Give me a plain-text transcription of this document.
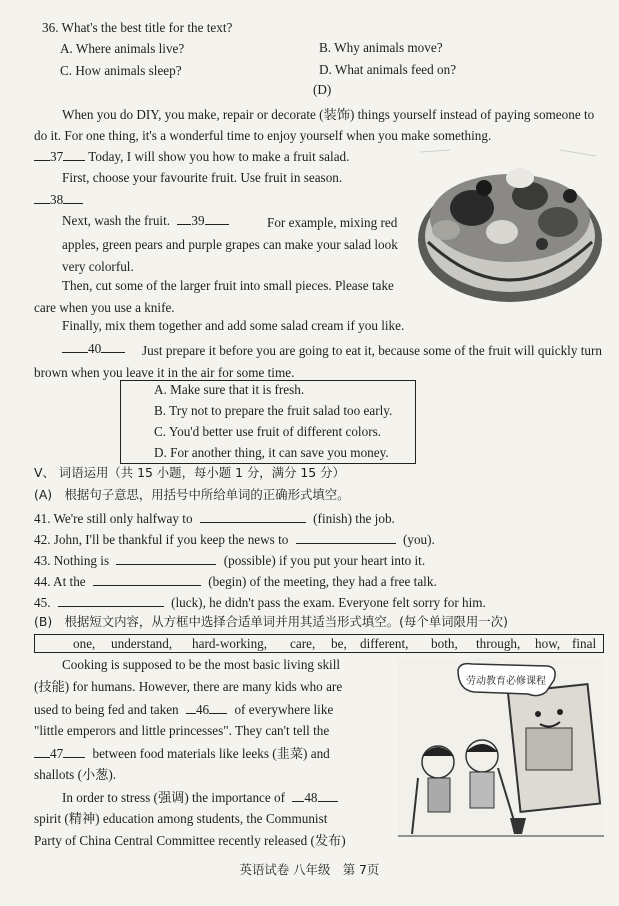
36. What's the best title for the text?
A. Where animals live?	B. Why animals move?
C. How animals sleep?	D. What animals feed on?
(D)
When you do DIY, you make, repair or decorate (装饰) things yourself instead of paying someone to do it. For one thing, it's a wonderful time to enjoy yourself when you make something.
37 Today, I will show you how to make a fruit salad.
First, choose your favourite fruit. Use fruit in season.
38
Next, wash the fruit. 39	For example, mixing red apples, green pears and purple grapes can make your salad look very colorful.
Then, cut some of the larger fruit into small pieces. Please take care when you use a knife.
Finally, mix them together and add some salad cream if you like.
40	Just prepare it before you are going to eat it, because some of the fruit will quickly turn brown when you leave it in the air for some time.
A. Make sure that it is fresh.
B. Try not to prepare the fruit salad too early.
C. You'd better use fruit of different colors.
D. For another thing, it can save you money.
V、 词语运用（共 15 小题，每小题 1 分，满分 15 分）
(A)　根据句子意思，用括号中所给单词的正确形式填空。
41. We're still only halfway to	(finish) the job.
42. John, I'll be thankful if you keep the news to	(you).
43. Nothing is	(possible) if you put your heart into it.
44. At the	(begin) of the meeting, they had a free talk.
45.	(luck), he didn't pass the exam. Everyone felt sorry for him.
(B)　根据短文内容，从方框中选择合适单词并用其适当形式填空。(每个单词限用一次)
one, understand, hard-working, care, be, different, both, through, how, final
Cooking is supposed to be the most basic living skill
(技能) for humans. However, there are many kids who are
used to being fed and taken 46 of everywhere like
"little emperors and little princesses". They can't tell the
47 between food materials like leeks (韭菜) and
shallots (小葱).
In order to stress (强调) the importance of 48
spirit (精神) education among students, the Communist
Party of China Central Committee recently released (发布)
劳动教育必修课程
英语试卷 八年级　第 7页
